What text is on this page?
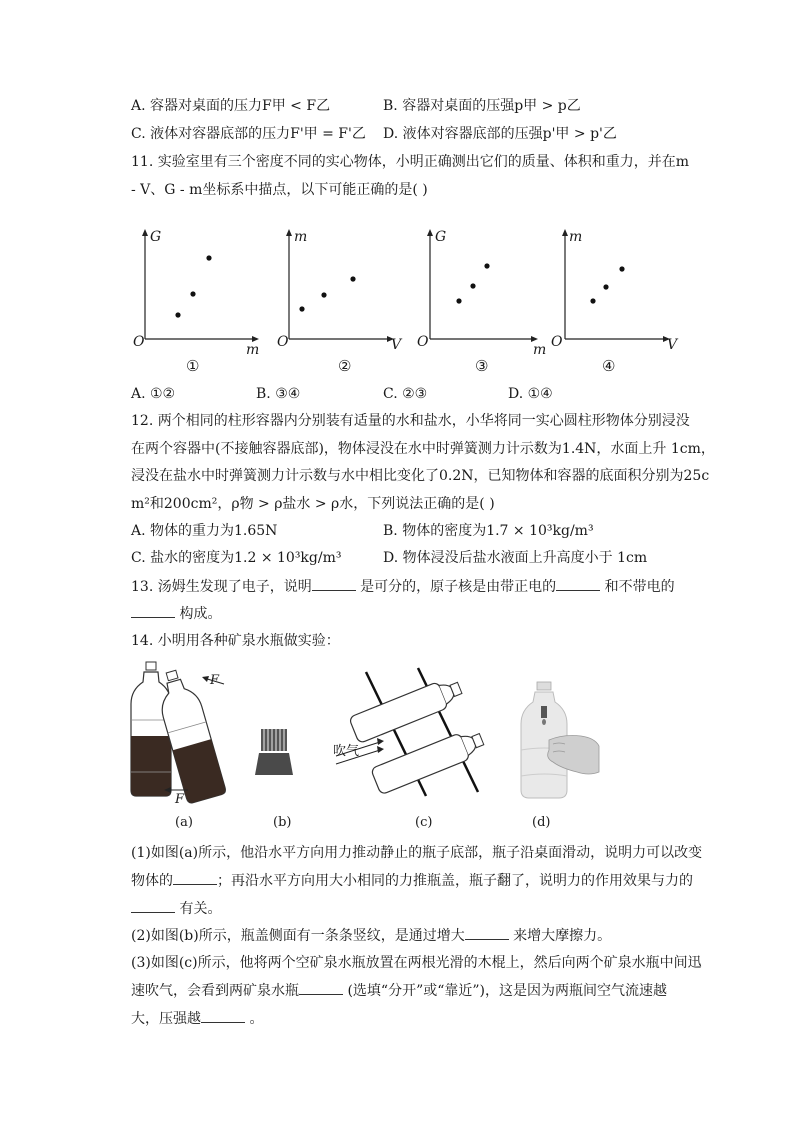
A. 容器对桌面的压力F甲 < F乙	B. 容器对桌面的压强p甲 > p乙
C. 液体对容器底部的压力F'甲 = F'乙 D. 液体对容器底部的压强p'甲 > p'乙
11. 实验室里有三个密度不同的实心物体，小明正确测出它们的质量、体积和重力，并在m
- V、G - m坐标系中描点，以下可能正确的是( )
G
O	m
①
m
O	V
②
G
O	m
③
m
O	V
④
A. ①②	B. ③④	C. ②③	D. ①④
12. 两个相同的柱形容器内分别装有适量的水和盐水，小华将同一实心圆柱形物体分别浸没
在两个容器中(不接触容器底部)，物体浸没在水中时弹簧测力计示数为1.4N，水面上升 1cm，
浸没在盐水中时弹簧测力计示数与水中相比变化了0.2N，已知物体和容器的底面积分别为25c
m²和200cm²，ρ物 > ρ盐水 > ρ水，下列说法正确的是( )
A. 物体的重力为1.65N	B. 物体的密度为1.7 × 10³kg/m³
C. 盐水的密度为1.2 × 10³kg/m³	D. 物体浸没后盐水液面上升高度小于 1cm
13. 汤姆生发现了电子，说明	是可分的，原子核是由带正电的	和不带电的
构成。
14. 小明用各种矿泉水瓶做实验：
F
F
(a)	(b)
吹气
(c)	(d)
(1)如图(a)所示，他沿水平方向用力推动静止的瓶子底部，瓶子沿桌面滑动，说明力可以改变
物体的	；再沿水平方向用大小相同的力推瓶盖，瓶子翻了，说明力的作用效果与力的
有关。
(2)如图(b)所示，瓶盖侧面有一条条竖纹，是通过增大	来增大摩擦力。
(3)如图(c)所示，他将两个空矿泉水瓶放置在两根光滑的木棍上，然后向两个矿泉水瓶中间迅
速吹气，会看到两矿泉水瓶	(选填“分开”或“靠近”)，这是因为两瓶间空气流速越
大，压强越	。
